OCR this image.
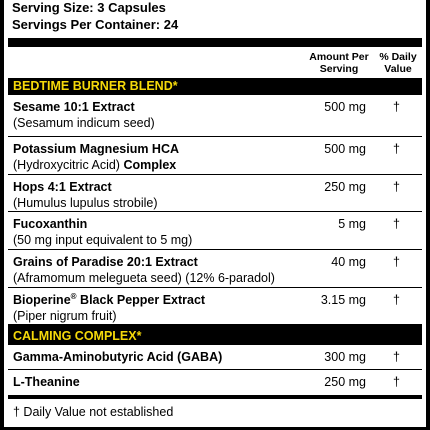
Serving Size: 3 Capsules
Servings Per Container: 24
Amount Per
Serving
% Daily
Value
BEDTIME BURNER BLEND*
Sesame 10:1 Extract
(Sesamum indicum seed)
500 mg †
Potassium Magnesium HCA
(Hydroxycitric Acid) Complex
500 mg †
Hops 4:1 Extract
(Humulus lupulus strobile)
250 mg †
Fucoxanthin
(50 mg input equivalent to 5 mg)
5 mg †
Grains of Paradise 20:1 Extract
(Aframomum melegueta seed) (12% 6-paradol)
40 mg †
Bioperine® Black Pepper Extract
(Piper nigrum fruit)
3.15 mg †
CALMING COMPLEX*
Gamma-Aminobutyric Acid (GABA)	300 mg †
L-Theanine	250 mg †
† Daily Value not established
